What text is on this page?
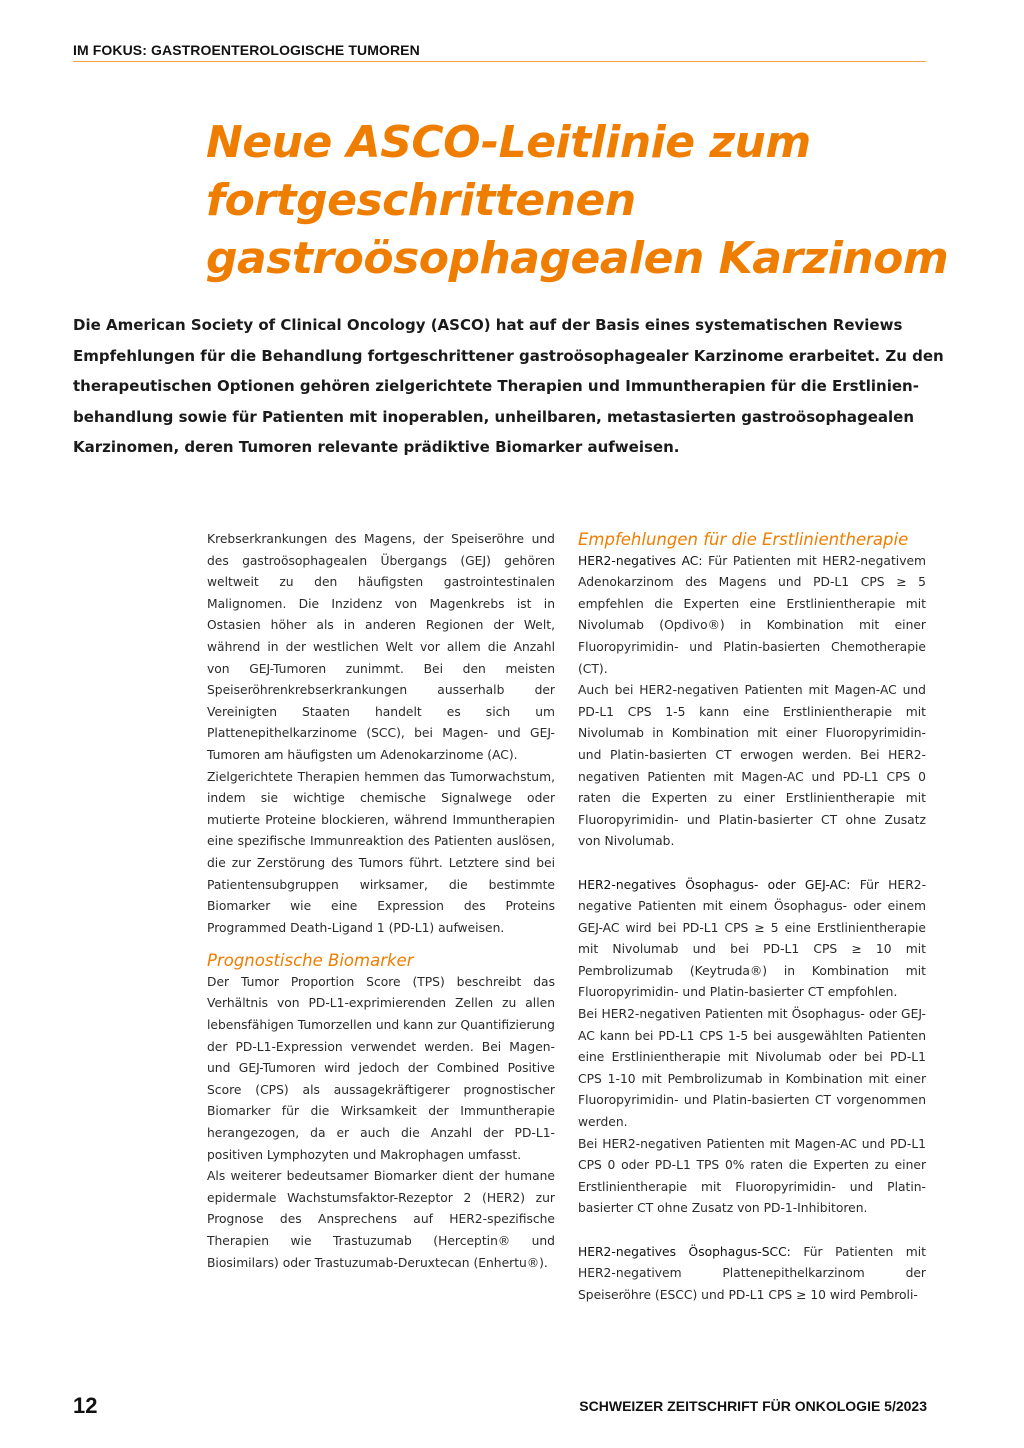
IM FOKUS: GASTROENTEROLOGISCHE TUMOREN
Neue ASCO-Leitlinie zum
fortgeschrittenen
gastroösophagealen Karzinom
Die American Society of Clinical Oncology (ASCO) hat auf der Basis eines systematischen Reviews
Empfehlungen für die Behandlung fortgeschrittener gastroösophagealer Karzinome erarbeitet. Zu den
therapeutischen Optionen gehören zielgerichtete Therapien und Immuntherapien für die Erstlinien-
behandlung sowie für Patienten mit inoperablen, unheilbaren, metastasierten gastroösophagealen
Karzinomen, deren Tumoren relevante prädiktive Biomarker aufweisen.

Krebserkrankungen des Magens, der Speiseröhre und des gastroösophagealen Übergangs (GEJ) gehören weltweit zu den häufigsten gastrointestinalen Malignomen. Die Inzidenz von Magenkrebs ist in Ostasien höher als in anderen Regionen der Welt, während in der westlichen Welt vor allem die Anzahl von GEJ-Tumoren zunimmt. Bei den meisten Speiseröhrenkrebserkrankungen ausserhalb der Vereinigten Staaten handelt es sich um Plattenepithelkarzinome (SCC), bei Magen- und GEJ-Tumoren am häufigsten um Adenokarzinome (AC).

Zielgerichtete Therapien hemmen das Tumorwachstum, indem sie wichtige chemische Signalwege oder mutierte Proteine blockieren, während Immuntherapien eine spezifische Immunreaktion des Patienten auslösen, die zur Zerstörung des Tumors führt. Letztere sind bei Patientensubgruppen wirksamer, die bestimmte Biomarker wie eine Expression des Proteins Programmed Death-Ligand 1 (PD-L1) aufweisen.

Prognostische Biomarker

Der Tumor Proportion Score (TPS) beschreibt das Verhältnis von PD-L1-exprimierenden Zellen zu allen lebensfähigen Tumorzellen und kann zur Quantifizierung der PD-L1-Expression verwendet werden. Bei Magen- und GEJ-Tumoren wird jedoch der Combined Positive Score (CPS) als aussagekräftigerer prognostischer Biomarker für die Wirksamkeit der Immuntherapie herangezogen, da er auch die Anzahl der PD-L1-positiven Lymphozyten und Makrophagen umfasst.

Als weiterer bedeutsamer Biomarker dient der humane epidermale Wachstumsfaktor-Rezeptor 2 (HER2) zur Prognose des Ansprechens auf HER2-spezifische Therapien wie Trastuzumab (Herceptin® und Biosimilars) oder Trastuzumab-Deruxtecan (Enhertu®).

Empfehlungen für die Erstlinientherapie

HER2-negatives AC: Für Patienten mit HER2-negativem Adenokarzinom des Magens und PD-L1 CPS ≥ 5 empfehlen die Experten eine Erstlinientherapie mit Nivolumab (Opdivo®) in Kombination mit einer Fluoropyrimidin- und Platin-basierten Chemotherapie (CT).

Auch bei HER2-negativen Patienten mit Magen-AC und PD-L1 CPS 1-5 kann eine Erstlinientherapie mit Nivolumab in Kombination mit einer Fluoropyrimidin- und Platin-basierten CT erwogen werden. Bei HER2-negativen Patienten mit Magen-AC und PD-L1 CPS 0 raten die Experten zu einer Erstlinientherapie mit Fluoropyrimidin- und Platin-basierter CT ohne Zusatz von Nivolumab.

HER2-negatives Ösophagus- oder GEJ-AC: Für HER2-negative Patienten mit einem Ösophagus- oder einem GEJ-AC wird bei PD-L1 CPS ≥ 5 eine Erstlinientherapie mit Nivolumab und bei PD-L1 CPS ≥ 10 mit Pembrolizumab (Keytruda®) in Kombination mit Fluoropyrimidin- und Platin-basierter CT empfohlen.

Bei HER2-negativen Patienten mit Ösophagus- oder GEJ-AC kann bei PD-L1 CPS 1-5 bei ausgewählten Patienten eine Erstlinientherapie mit Nivolumab oder bei PD-L1 CPS 1-10 mit Pembrolizumab in Kombination mit einer Fluoropyrimidin- und Platin-basierten CT vorgenommen werden.

Bei HER2-negativen Patienten mit Magen-AC und PD-L1 CPS 0 oder PD-L1 TPS 0% raten die Experten zu einer Erstlinientherapie mit Fluoropyrimidin- und Platin-basierter CT ohne Zusatz von PD-1-Inhibitoren.

HER2-negatives Ösophagus-SCC: Für Patienten mit HER2-negativem Plattenepithelkarzinom der Speiseröhre (ESCC) und PD-L1 CPS ≥ 10 wird Pembroli-

12	SCHWEIZER ZEITSCHRIFT FÜR ONKOLOGIE 5/2023
